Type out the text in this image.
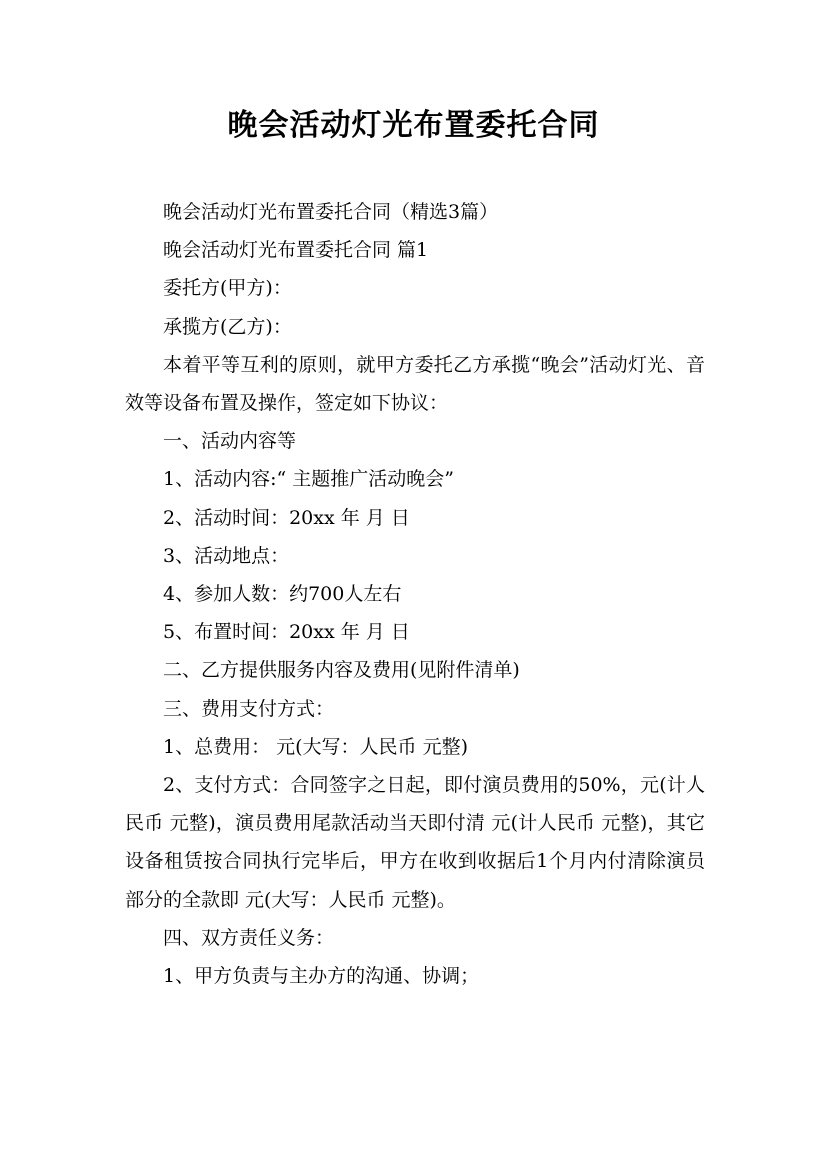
晚会活动灯光布置委托合同

晚会活动灯光布置委托合同（精选3篇）

晚会活动灯光布置委托合同 篇1

委托方(甲方)：

承揽方(乙方)：

本着平等互利的原则，就甲方委托乙方承揽“晚会”活动灯光、音效等设备布置及操作，签定如下协议：

一、活动内容等

1、活动内容:“ 主题推广活动晚会”

2、活动时间：20xx 年 月 日

3、活动地点：

4、参加人数：约700人左右

5、布置时间：20xx 年 月 日

二、乙方提供服务内容及费用(见附件清单)

三、费用支付方式：

1、总费用： 元(大写：人民币 元整)

2、支付方式：合同签字之日起，即付演员费用的50%，元(计人民币 元整)，演员费用尾款活动当天即付清 元(计人民币 元整)，其它设备租赁按合同执行完毕后，甲方在收到收据后1个月内付清除演员部分的全款即 元(大写：人民币 元整)。

四、双方责任义务：

1、甲方负责与主办方的沟通、协调；
